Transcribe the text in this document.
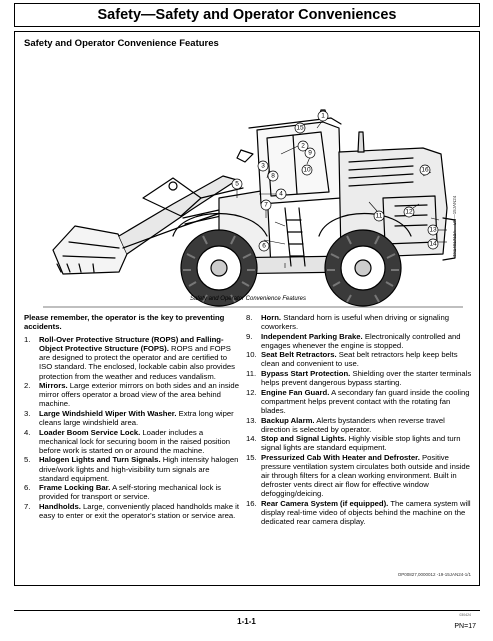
Safety—Safety and Operator Conveniences
Safety and Operator Convenience Features
1
2
3
4
5
6
7
8
9
10
11
12
13
14
15
16
TX1401712A —UN—15JAN24
Safety and Operator Convenience Features

Please remember, the operator is the key to preventing accidents.

1. Roll-Over Protective Structure (ROPS) and Falling-Object Protective Structure (FOPS). ROPS and FOPS are designed to protect the operator and are certified to ISO standard. The enclosed, lockable cabin also provides protection from the weather and reduces vandalism.
2. Mirrors. Large exterior mirrors on both sides and an inside mirror offers operator a broad view of the area behind machine.
3. Large Windshield Wiper With Washer. Extra long wiper cleans large windshield area.
4. Loader Boom Service Lock. Loader includes a mechanical lock for securing boom in the raised position before work is started on or around the machine.
5. Halogen Lights and Turn Signals. High intensity halogen drive/work lights and high-visibility turn signals are standard equipment.
6. Frame Locking Bar. A self-storing mechanical lock is provided for transport or service.
7. Handholds. Large, conveniently placed handholds make it easy to enter or exit the operator's station or service area.
8. Horn. Standard horn is useful when driving or signaling coworkers.
9. Independent Parking Brake. Electronically controlled and engages whenever the engine is stopped.
10. Seat Belt Retractors. Seat belt retractors help keep belts clean and convenient to use.
11. Bypass Start Protection. Shielding over the starter terminals helps prevent dangerous bypass starting.
12. Engine Fan Guard. A secondary fan guard inside the cooling compartment helps prevent contact with the rotating fan blades.
13. Backup Alarm. Alerts bystanders when reverse travel direction is selected by operator.
14. Stop and Signal Lights. Highly visible stop lights and turn signal lights are standard equipment.
15. Pressurized Cab With Heater and Defroster. Positive pressure ventilation system circulates both outside and inside air through filters for a clean working environment. Built in defroster vents direct air flow for effective window defogging/deicing.
16. Rear Camera System (if equipped). The camera system will display real-time video of objects behind the machine on the dedicated rear camera display.
OP00827,0000012 -19-15JAN24-1/1
1-1-1
030424
PN=17
